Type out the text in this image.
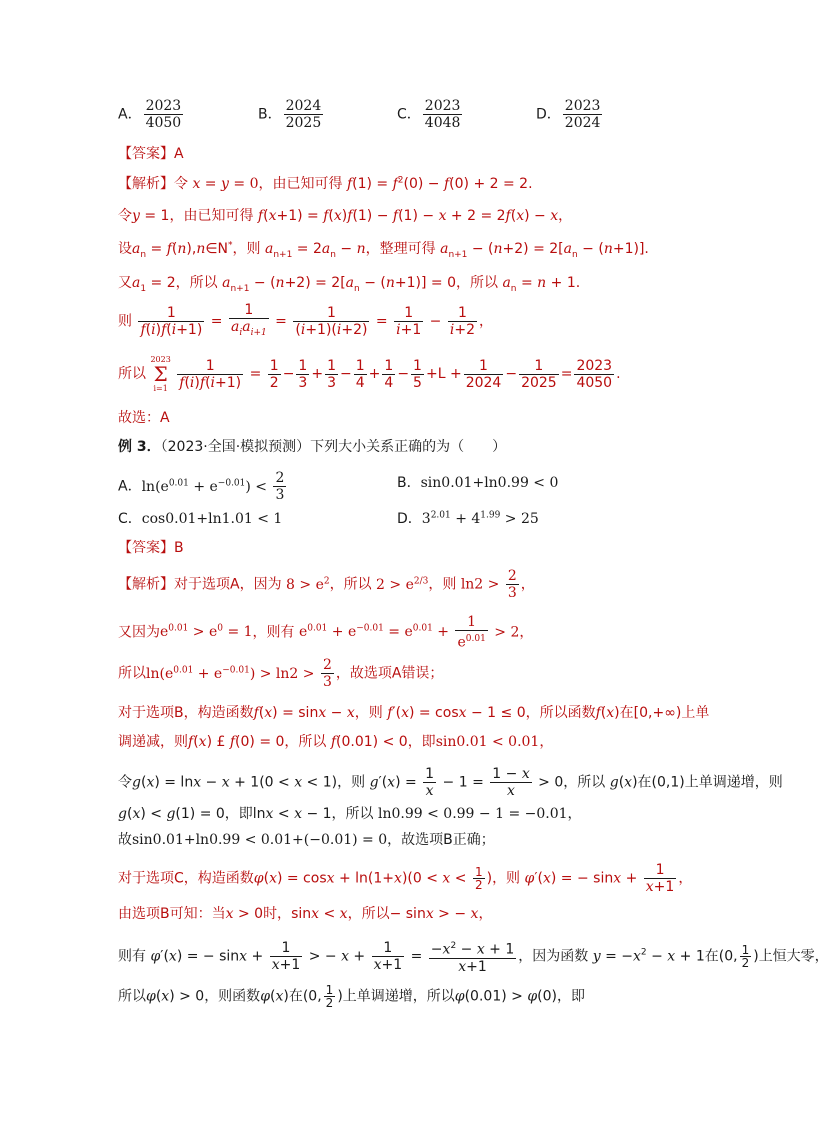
A． $\frac{2023}{4050}$	B． $\frac{2024}{2025}$	C． $\frac{2023}{4048}$	D． $\frac{2023}{2024}$
【答案】A
【解析】令 x = y = 0，由已知可得 $f(1) = f^2(0) - f(0) + 2 = 2$.
令y = 1，由已知可得 f(x+1) = f(x)f(1) − f(1) − x + 2 = 2f(x) − x，
设$a_n$ = f(n),n∈N*，则 $a_{n+1} = 2a_n - n$，整理可得 $a_{n+1} - (n+2) = 2[a_n - (n+1)]$.
又$a_1 = 2$，所以 $a_{n+1} - (n+2) = 2[a_n - (n+1)] = 0$，所以 $a_n = n + 1$.
则 $\frac{1}{f(i)f(i+1)} = \frac{1}{a_ia_{i+1}} = \frac{1}{(i+1)(i+2)} = \frac{1}{i+1} - \frac{1}{i+2}$ ，
所以
2023
Σ
i=1
$\frac{1}{f(i)f(i+1)} = \frac{1}{2} - \frac{1}{3} + \frac{1}{3} - \frac{1}{4} + \frac{1}{4} - \frac{1}{5} +L + \frac{1}{2024} - \frac{1}{2025} = \frac{2023}{4050}$ .
故选：A
例 3．（2023·全国·模拟预测）下列大小关系正确的为（　　）
A．$\ln(e^{0.01} + e^{-0.01}) < \frac{2}{3}$	B．sin0.01+ln0.99 < 0
C．cos0.01+ln1.01 < 1	D．$3^{2.01} + 4^{1.99} > 25$
【答案】B
【解析】对于选项A，因为 $8 > e^2$，所以 $2 > e^{2/3}$，则 $\ln 2 > \frac{2}{3}$ ，
又因为$e^{0.01} > e^0 = 1$，则有 $e^{0.01} + e^{-0.01} = e^{0.01} + \frac{1}{e^{0.01}} > 2$，
所以$\ln(e^{0.01} + e^{-0.01}) > \ln 2 > \frac{2}{3}$ ，故选项A错误；
对于选项B，构造函数f(x) = sinx − x，则 f′(x) = cosx − 1 ≤ 0，所以函数f(x)在[0,+∞)上单
调递减，则f(x) £ f(0) = 0，所以 f(0.01) < 0，即sin0.01 < 0.01，
令g(x) = lnx − x + 1(0 < x < 1)，则 $g'(x) = \frac{1}{x} - 1 = \frac{1 - x}{x} > 0$，所以 g(x)在(0,1)上单调递增，则
g(x) < g(1) = 0，即lnx < x − 1，所以 ln0.99 < 0.99 − 1 = −0.01，
故sin0.01+ln0.99 < 0.01+(−0.01) = 0，故选项B正确；
对于选项C，构造函数$\varphi(x) = \cos x + \ln(1+x)(0 < x < \frac{1}{2}$ )，则 φ′(x) = − $\sin x + \frac{1}{x+1}$ ，
由选项B可知：当x > 0时，sinx < x，所以− sinx > − x，
则有 φ′(x) = − $\sin x + \frac{1}{x+1}$ > − $x + \frac{1}{x+1} = \frac{-x^2 - x + 1}{x+1}$ ，因为函数 $y = -x^2 - x + 1$在(0, $\frac{1}{2}$ )上恒大零，
所以φ(x) > 0，则函数φ(x)在(0, $\frac{1}{2}$ )上单调递增，所以φ(0.01) > φ(0)，即
